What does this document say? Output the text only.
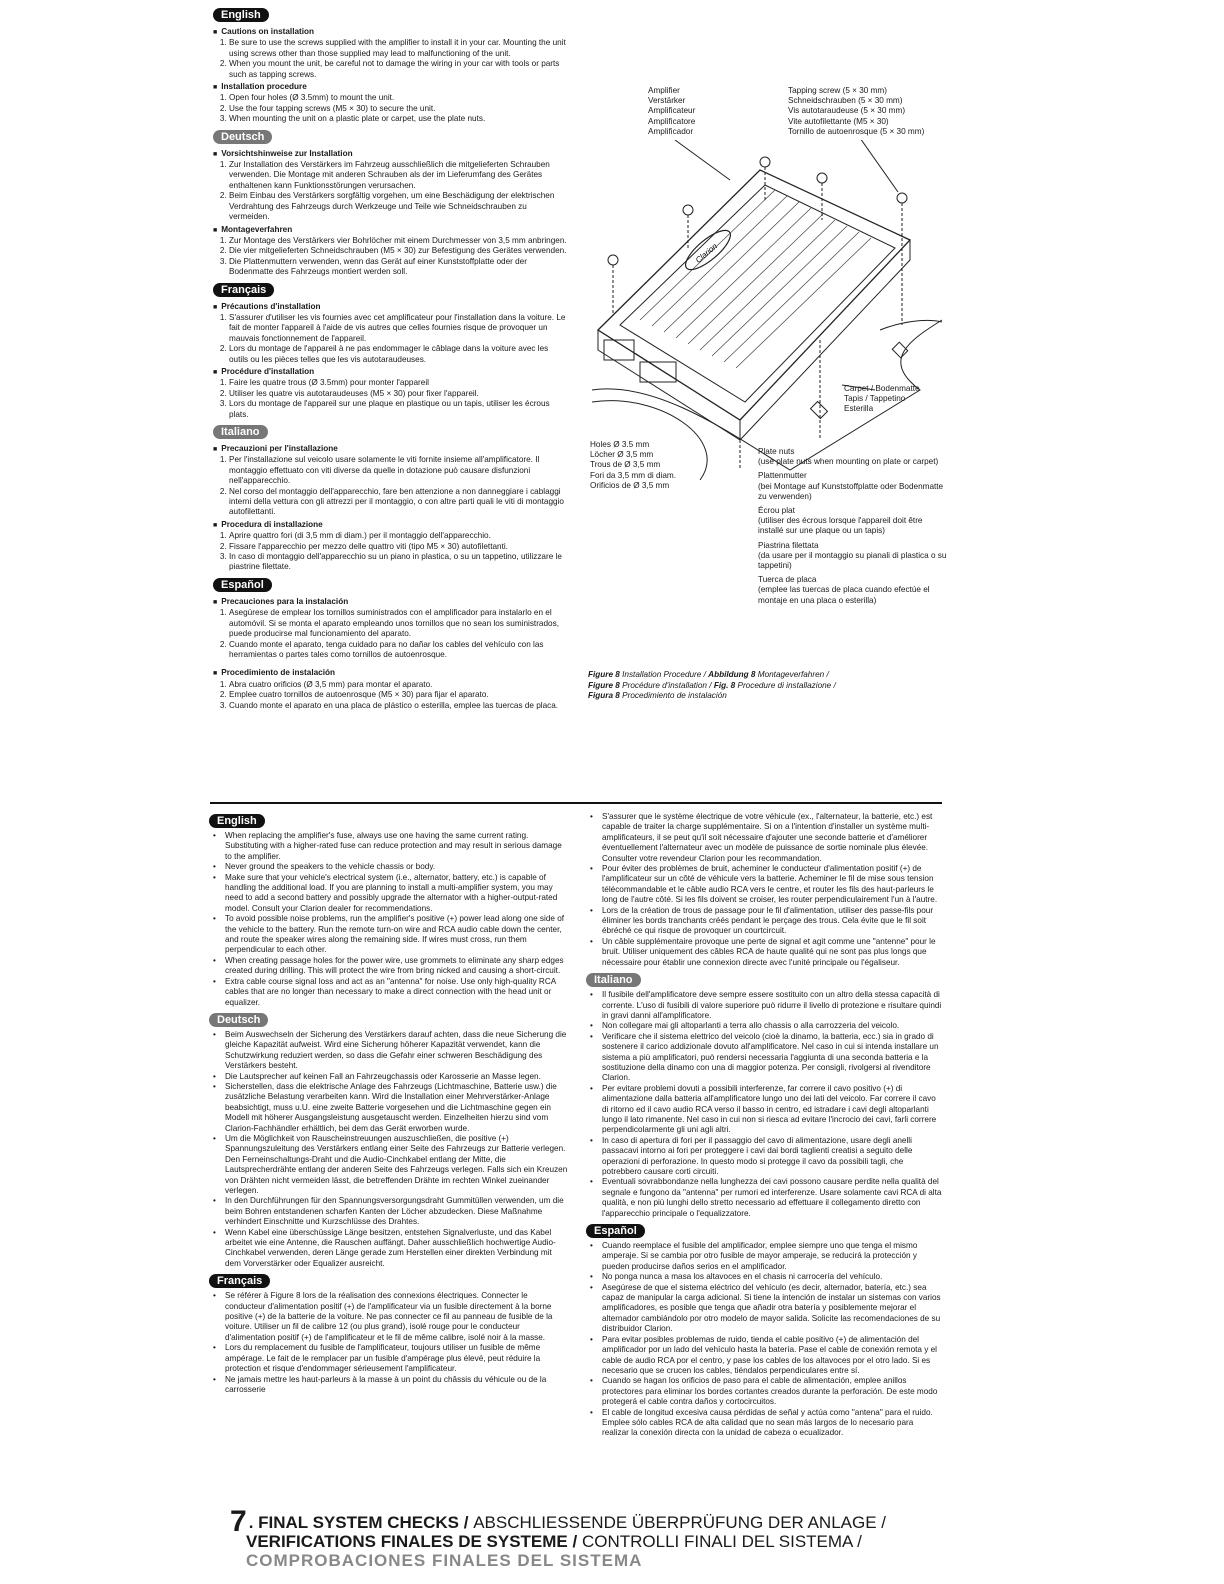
English
■ Cautions on installation
1. Be sure to use the screws supplied with the amplifier to install it in your car. Mounting the unit using screws other than those supplied may lead to malfunctioning of the unit.
2. When you mount the unit, be careful not to damage the wiring in your car with tools or parts such as tapping screws.
■ Installation procedure
1. Open four holes (Ø 3.5mm) to mount the unit.
2. Use the four tapping screws (M5 × 30) to secure the unit.
3. When mounting the unit on a plastic plate or carpet, use the plate nuts.
Deutsch
■ Vorsichtshinweise zur Installation
1. Zur Installation des Verstärkers im Fahrzeug ausschließlich die mitgelieferten Schrauben verwenden. Die Montage mit anderen Schrauben als der im Lieferumfang des Gerätes enthaltenen kann Funktionsstörungen verursachen.
2. Beim Einbau des Verstärkers sorgfältig vorgehen, um eine Beschädigung der elektrischen Verdrahtung des Fahrzeugs durch Werkzeuge und Teile wie Schneidschrauben zu vermeiden.
■ Montageverfahren
1. Zur Montage des Verstärkers vier Bohrlöcher mit einem Durchmesser von 3,5 mm anbringen.
2. Die vier mitgelieferten Schneidschrauben (M5 × 30) zur Befestigung des Gerätes verwenden.
3. Die Plattenmuttern verwenden, wenn das Gerät auf einer Kunststoffplatte oder der Bodenmatte des Fahrzeugs montiert werden soll.
Français
■ Précautions d'installation
1. S'assurer d'utiliser les vis fournies avec cet amplificateur pour l'installation dans la voiture. Le fait de monter l'appareil à l'aide de vis autres que celles fournies risque de provoquer un mauvais fonctionnement de l'appareil.
2. Lors du montage de l'appareil à ne pas endommager le câblage dans la voiture avec les outils ou les pièces telles que les vis autotaraudeuses.
■ Procédure d'installation
1. Faire les quatre trous (Ø 3.5mm) pour monter l'appareil
2. Utiliser les quatre vis autotaraudeuses (M5 × 30) pour fixer l'appareil.
3. Lors du montage de l'appareil sur une plaque en plastique ou un tapis, utiliser les écrous plats.
Italiano
■ Precauzioni per l'installazione
1. Per l'installazione sul veicolo usare solamente le viti fornite insieme all'amplificatore. Il montaggio effettuato con viti diverse da quelle in dotazione può causare disfunzioni nell'apparecchio.
2. Nel corso del montaggio dell'apparecchio, fare ben attenzione a non danneggiare i cablaggi interni della vettura con gli attrezzi per il montaggio, o con altre parti quali le viti di montaggio autofilettanti.
■ Procedura di installazione
1. Aprire quattro fori (di 3,5 mm di diam.) per il montaggio dell'apparecchio.
2. Fissare l'apparecchio per mezzo delle quattro viti (tipo M5 × 30) autofilettanti.
3. In caso di montaggio dell'apparecchio su un piano in plastica, o su un tappetino, utilizzare le piastrine filettate.
Español
■ Precauciones para la instalación
1. Asegúrese de emplear los tornillos suministrados con el amplificador para instalarlo en el automóvil. Si se monta el aparato empleando unos tornillos que no sean los suministrados, puede producirse mal funcionamiento del aparato.
2. Cuando monte el aparato, tenga cuidado para no dañar los cables del vehículo con las herramientas o partes tales como tornillos de autoenrosque.
■ Procedimiento de instalación
1. Abra cuatro orificios (Ø 3,5 mm) para montar el aparato.
2. Emplee cuatro tornillos de autoenrosque (M5 × 30) para fijar el aparato.
3. Cuando monte el aparato en una placa de plástico o esterilla, emplee las tuercas de placa.
Amplifier
Verstärker
Amplificateur
Amplificatore
Amplificador
Tapping screw (5 × 30 mm)
Schneidschrauben (5 × 30 mm)
Vis autotaraudeuse (5 × 30 mm)
Vite autofilettante (M5 × 30)
Tornillo de autoenrosque (5 × 30 mm)
Carpet / Bodenmatte
Tapis / Tappetino
Esterilla
Holes Ø 3.5 mm
Löcher Ø 3,5 mm
Trous de Ø 3,5 mm
Fori da 3,5 mm di diam.
Orificios de Ø 3,5 mm
Plate nuts
(use plate nuts when mounting on plate or carpet)
Plattenmutter
(bei Montage auf Kunststoffplatte oder Bodenmatte zu verwenden)
Écrou plat
(utiliser des écrous lorsque l'appareil doit être installé sur une plaque ou un tapis)
Piastrina filettata
(da usare per il montaggio su pianali di plastica o su tappetini)
Tuerca de placa
(emplee las tuercas de placa cuando efectúe el montaje en una placa o esterilla)
Clarion
Figure 8 Installation Procedure / Abbildung 8 Montageverfahren /
Figure 8 Procédure d'installation / Fig. 8 Procedure di installazione /
Figura 8 Procedimiento de instalación
English
• When replacing the amplifier's fuse, always use one having the same current rating. Substituting with a higher-rated fuse can reduce protection and may result in serious damage to the amplifier.
• Never ground the speakers to the vehicle chassis or body.
• Make sure that your vehicle's electrical system (i.e., alternator, battery, etc.) is capable of handling the additional load. If you are planning to install a multi-amplifier system, you may need to add a second battery and possibly upgrade the alternator with a higher-output-rated model. Consult your Clarion dealer for recommendations.
• To avoid possible noise problems, run the amplifier's positive (+) power lead along one side of the vehicle to the battery. Run the remote turn-on wire and RCA audio cable down the center, and route the speaker wires along the remaining side. If wires must cross, run them perpendicular to each other.
• When creating passage holes for the power wire, use grommets to eliminate any sharp edges created during drilling. This will protect the wire from bring nicked and causing a short-circuit.
• Extra cable course signal loss and act as an "antenna" for noise. Use only high-quality RCA cables that are no longer than necessary to make a direct connection with the head unit or equalizer.
Deutsch
• Beim Auswechseln der Sicherung des Verstärkers darauf achten, dass die neue Sicherung die gleiche Kapazität aufweist. Wird eine Sicherung höherer Kapazität verwendet, kann die Schutzwirkung reduziert werden, so dass die Gefahr einer schweren Beschädigung des Verstärkers besteht.
• Die Lautsprecher auf keinen Fall an Fahrzeugchassis oder Karosserie an Masse legen.
• Sicherstellen, dass die elektrische Anlage des Fahrzeugs (Lichtmaschine, Batterie usw.) die zusätzliche Belastung verarbeiten kann. Wird die Installation einer Mehrverstärker-Anlage beabsichtigt, muss u.U. eine zweite Batterie vorgesehen und die Lichtmaschine gegen ein Modell mit höherer Ausgangsleistung ausgetauscht werden. Einzelheiten hierzu sind vom Clarion-Fachhändler erhältlich, bei dem das Gerät erworben wurde.
• Um die Möglichkeit von Rauscheinstreuungen auszuschließen, die positive (+) Spannungszuleitung des Verstärkers entlang einer Seite des Fahrzeugs zur Batterie verlegen. Den Ferneinschaltungs-Draht und die Audio-Cinchkabel entlang der Mitte, die Lautsprecherdrähte entlang der anderen Seite des Fahrzeugs verlegen. Falls sich ein Kreuzen von Drähten nicht vermeiden lässt, die betreffenden Drähte im rechten Winkel zueinander verlegen.
• In den Durchführungen für den Spannungsversorgungsdraht Gummitüllen verwenden, um die beim Bohren entstandenen scharfen Kanten der Löcher abzudecken. Diese Maßnahme verhindert Einschnitte und Kurzschlüsse des Drahtes.
• Wenn Kabel eine überschüssige Länge besitzen, entstehen Signalverluste, und das Kabel arbeitet wie eine Antenne, die Rauschen auffängt. Daher ausschließlich hochwertige Audio-Cinchkabel verwenden, deren Länge gerade zum Herstellen einer direkten Verbindung mit dem Vorverstärker oder Equalizer ausreicht.
Français
• Se référer à Figure 8 lors de la réalisation des connexions électriques. Connecter le conducteur d'alimentation positif (+) de l'amplificateur via un fusible directement à la borne positive (+) de la batterie de la voiture. Ne pas connecter ce fil au panneau de fusible de la voiture. Utiliser un fil de calibre 12 (ou plus grand), isolé rouge pour le conducteur d'alimentation positif (+) de l'amplificateur et le fil de même calibre, isolé noir à la masse.
• Lors du remplacement du fusible de l'amplificateur, toujours utiliser un fusible de même ampérage. Le fait de le remplacer par un fusible d'ampérage plus élevé, peut réduire la protection et risque d'endommager sérieusement l'amplificateur.
• Ne jamais mettre les haut-parleurs à la masse à un point du châssis du véhicule ou de la carrosserie
• S'assurer que le système électrique de votre véhicule (ex., l'alternateur, la batterie, etc.) est capable de traiter la charge supplémentaire. Si on a l'intention d'installer un système multi-amplificateurs, il se peut qu'il soit nécessaire d'ajouter une seconde batterie et d'améliorer éventuellement l'alternateur avec un modèle de puissance de sortie nominale plus élevée. Consulter votre revendeur Clarion pour les recommandation.
• Pour éviter des problèmes de bruit, acheminer le conducteur d'alimentation positif (+) de l'amplificateur sur un côté de véhicule vers la batterie. Acheminer le fil de mise sous tension télécommandable et le câble audio RCA vers le centre, et router les fils des haut-parleurs le long de l'autre côté. Si les fils doivent se croiser, les router perpendiculairement l'un à l'autre.
• Lors de la création de trous de passage pour le fil d'alimentation, utiliser des passe-fils pour éliminer les bords tranchants créés pendant le perçage des trous. Cela évite que le fil soit ébréché ce qui risque de provoquer un courtcircuit.
• Un câble supplémentaire provoque une perte de signal et agit comme une "antenne" pour le bruit. Utiliser uniquement des câbles RCA de haute qualité qui ne sont pas plus longs que nécessaire pour établir une connexion directe avec l'unité principale ou l'égaliseur.
Italiano
• Il fusibile dell'amplificatore deve sempre essere sostituito con un altro della stessa capacità di corrente. L'uso di fusibili di valore superiore può ridurre il livello di protezione e risultare quindi in gravi danni all'amplificatore.
• Non collegare mai gli altoparlanti a terra allo chassis o alla carrozzeria del veicolo.
• Verificare che il sistema elettrico del veicolo (cioè la dinamo, la batteria, ecc.) sia in grado di sostenere il carico addizionale dovuto all'amplificatore. Nel caso in cui si intenda installare un sistema a più amplificatori, può rendersi necessaria l'aggiunta di una seconda batteria e la sostituzione della dinamo con una di maggior potenza. Per consigli, rivolgersi al rivenditore Clarion.
• Per evitare problemi dovuti a possibili interferenze, far correre il cavo positivo (+) di alimentazione dalla batteria all'amplificatore lungo uno dei lati del veicolo. Far correre il cavo di ritorno ed il cavo audio RCA verso il basso in centro, ed istradare i cavi degli altoparlanti lungo il lato rimanente. Nel caso in cui non si riesca ad evitare l'incrocio dei cavi, farli correre perpendicolarmente gli uni agli altri.
• In caso di apertura di fori per il passaggio del cavo di alimentazione, usare degli anelli passacavi intorno ai fori per proteggere i cavi dai bordi taglienti creatisi a seguito delle operazioni di perforazione. In questo modo si protegge il cavo da possibili tagli, che potrebbero causare corti circuiti.
• Eventuali sovrabbondanze nella lunghezza dei cavi possono causare perdite nella qualità del segnale e fungono da "antenna" per rumori ed interferenze. Usare solamente cavi RCA di alta qualità, e non più lunghi dello stretto necessario ad effettuare il collegamento diretto con l'apparecchio principale o l'equalizzatore.
Español
• Cuando reemplace el fusible del amplificador, emplee siempre uno que tenga el mismo amperaje. Si se cambia por otro fusible de mayor amperaje, se reducirá la protección y pueden producirse daños serios en el amplificador.
• No ponga nunca a masa los altavoces en el chasis ni carrocería del vehículo.
• Asegúrese de que el sistema eléctrico del vehículo (es decir, alternador, batería, etc.) sea capaz de manipular la carga adicional. Si tiene la intención de instalar un sistemas con varios amplificadores, es posible que tenga que añadir otra batería y posiblemente mejorar el alternador cambiándolo por otro modelo de mayor salida. Solicite las recomendaciones de su distribuidor Clarion.
• Para evitar posibles problemas de ruido, tienda el cable positivo (+) de alimentación del amplificador por un lado del vehículo hasta la batería. Pase el cable de conexión remota y el cable de audio RCA por el centro, y pase los cables de los altavoces por el otro lado. Si es necesario que se crucen los cables, tiéndalos perpendiculares entre sí.
• Cuando se hagan los orificios de paso para el cable de alimentación, emplee anillos protectores para eliminar los bordes cortantes creados durante la perforación. De este modo protegerá el cable contra daños y cortocircuitos.
• El cable de longitud excesiva causa pérdidas de señal y actúa como "antena" para el ruido. Emplee sólo cables RCA de alta calidad que no sean más largos de lo necesario para realizar la conexión directa con la unidad de cabeza o ecualizador.
7 . FINAL SYSTEM CHECKS / ABSCHLIESSENDE ÜBERPRÜFUNG DER ANLAGE /
VERIFICATIONS FINALES DE SYSTEME / CONTROLLI FINALI DEL SISTEMA /
COMPROBACIONES FINALES DEL SISTEMA
